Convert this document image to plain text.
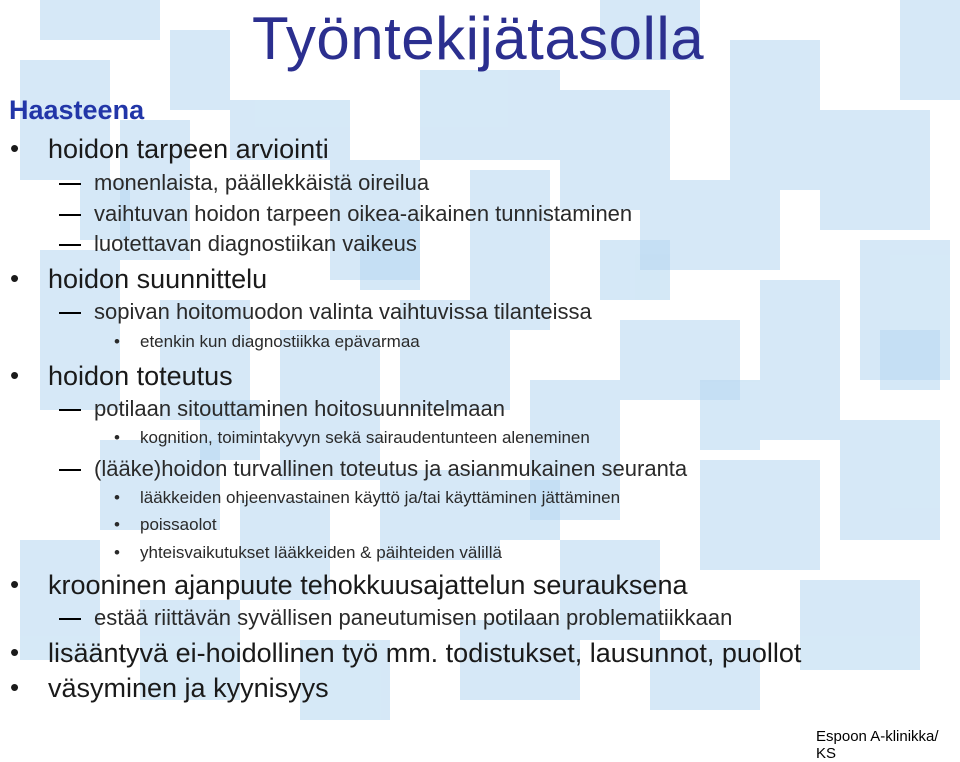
Työntekijätasolla
Haasteena
• hoidon tarpeen arviointi
monenlaista, päällekkäistä oireilua
vaihtuvan hoidon tarpeen oikea-aikainen tunnistaminen
luotettavan diagnostiikan vaikeus
• hoidon suunnittelu
sopivan hoitomuodon valinta vaihtuvissa tilanteissa
• etenkin kun diagnostiikka epävarmaa
• hoidon toteutus
potilaan sitouttaminen hoitosuunnitelmaan
• kognition, toimintakyvyn sekä sairaudentunteen aleneminen
(lääke)hoidon turvallinen toteutus ja asianmukainen seuranta
• lääkkeiden ohjeenvastainen käyttö ja/tai käyttäminen jättäminen
• poissaolot
• yhteisvaikutukset lääkkeiden & päihteiden välillä
• krooninen ajanpuute tehokkuusajattelun seurauksena
estää riittävän syvällisen paneutumisen potilaan problematiikkaan
• lisääntyvä ei-hoidollinen työ mm. todistukset, lausunnot, puollot
• väsyminen ja kyynisyys
Espoon A-klinikka/ KS
